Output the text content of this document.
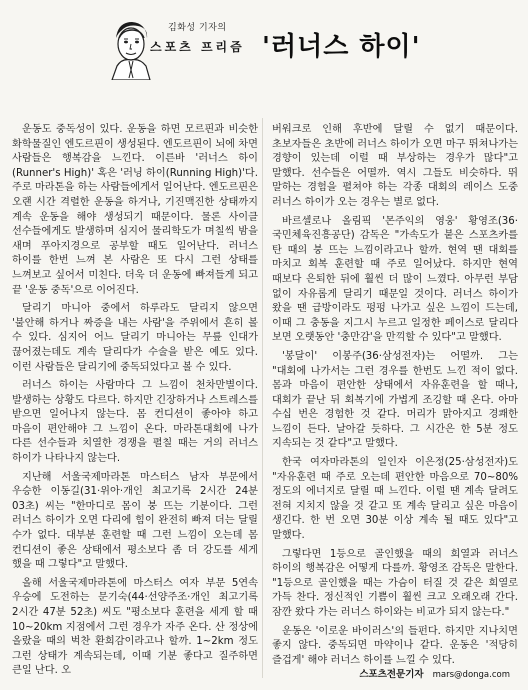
김화성 기자의
스포츠 프리즘 '러너스 하이'

운동도 중독성이 있다. 운동을 하면 모르핀과 비슷한 화학물질인 엔도르핀이 생성된다. 엔도르핀이 뇌에 차면 사람들은 행복감을 느낀다. 이른바 '러너스 하이(Runner's High)' 혹은 '러닝 하이(Running High)'다. 주로 마라톤을 하는 사람들에게서 일어난다. 엔도르핀은 오랜 시간 격렬한 운동을 하거나, 기진맥진한 상태까지 계속 운동을 해야 생성되기 때문이다. 물론 사이클 선수들에게도 발생하며 심지어 물리학도가 며칠씩 밤을 새며 푸아지경으로 공부할 때도 일어난다. 러너스 하이를 한번 느껴 본 사람은 또 다시 그런 상태를 느껴보고 싶어서 미친다. 더욱 더 운동에 빠져들게 되고 끝 '운동 중독'으로 이어진다.

달리기 마니아 중에서 하루라도 달리지 않으면 '불안해 하거나 짜증을 내는 사람'을 주위에서 흔히 볼 수 있다. 심지어 어느 달리기 마니아는 무릎 인대가 끊어졌는데도 계속 달리다가 수술을 받은 예도 있다. 이런 사람들은 달리기에 중독되었다고 볼 수 있다.

러너스 하이는 사람마다 그 느낌이 천차만별이다. 발생하는 상황도 다르다. 하지만 긴장하거나 스트레스를 받으면 일어나지 않는다. 몸 컨디션이 좋아야 하고 마음이 편안해야 그 느낌이 온다. 마라톤대회에 나가 다른 선수들과 치열한 경쟁을 펼칠 때는 거의 러너스 하이가 나타나지 않는다.

지난해 서울국제마라톤 마스터스 남자 부문에서 우승한 이동길(31·위아·개인 최고기록 2시간 24분 03초) 씨는 "한마디로 몸이 붕 뜨는 기분이다. 그런 러너스 하이가 오면 다리에 힘이 완전히 빠져 더는 달릴 수가 없다. 대부분 훈련할 때 그런 느낌이 오는데 몸 컨디션이 좋은 상태에서 평소보다 좀 더 강도를 세게 했을 때 그렇다"고 말했다.

올해 서울국제마라톤에 마스터스 여자 부문 5연속 우승에 도전하는 문기숙(44·선양주조·개인 최고기록 2시간 47분 52초) 씨도 "평소보다 훈련을 세게 할 때 10~20km 지점에서 그런 경우가 자주 온다. 산 정상에 올랐을 때의 벅찬 환희감이라고나 할까. 1~2km 정도 그런 상태가 계속되는데, 이때 기분 좋다고 질주하면 큰일 난다. 오

버워크로 인해 후반에 달릴 수 없기 때문이다. 초보자들은 초반에 러너스 하이가 오면 마구 뛰쳐나가는 경향이 있는데 이럴 때 부상하는 경우가 많다"고 말했다. 선수들은 어떨까. 역시 그들도 비슷하다. 뛰 말하는 경험을 펼쳐야 하는 각종 대회의 레이스 도중 러너스 하이가 오는 경우는 별로 없다.

바르셀로나 올림픽 '몬주익의 영웅' 황영조(36·국민체육진흥공단) 감독은 "가속도가 붙은 스포츠카를 탄 때의 붕 뜨는 느낌이라고나 할까. 현역 땐 대회를 마치고 회복 훈련할 때 주로 일어났다. 하지만 현역 때보다 은퇴한 뒤에 훨씬 더 많이 느꼈다. 아무런 부담 없이 자유롭게 달리기 때문일 것이다. 러너스 하이가 왔을 땐 급방이라도 펑펑 나가고 싶은 느낌이 드는데, 이때 그 충동을 지그시 누르고 일정한 페이스로 달리다 보면 오랫동안 '충만감'을 만끽할 수 있다"고 말했다.

'봉달이' 이봉주(36·삼성전자)는 어떨까. 그는 "대회에 나가서는 그런 경우를 한번도 느낀 적이 없다. 몸과 마음이 편안한 상태에서 자유훈련을 할 때나, 대회가 끝난 뒤 회복기에 가볍게 조깅할 때 온다. 아마 수십 번은 경험한 것 같다. 머리가 맑아지고 경쾌한 느낌이 든다. 날아갈 듯하다. 그 시간은 한 5분 정도 지속되는 것 같다"고 말했다.

한국 여자마라톤의 일인자 이은정(25·삼성전자)도 "자유훈련 때 주로 오는데 편안한 마음으로 70~80% 정도의 에너지로 달릴 때 느낀다. 이럴 땐 계속 달려도 전혀 지치지 않을 것 같고 또 계속 달리고 싶은 마음이 생긴다. 한 번 오면 30분 이상 계속 될 때도 있다"고 말했다.

그렇다면 1등으로 골인했을 때의 희열과 러너스 하이의 행복감은 어떻게 다를까. 황영조 감독은 말한다. "1등으로 골인했을 때는 가슴이 터질 것 같은 희열로 가득 찬다. 정신적인 기쁨이 훨씬 크고 오래오래 간다. 잠깐 왔다 가는 러너스 하이와는 비교가 되지 않는다."

운동은 '이로운 바이러스'의 들펀다. 하지만 지나치면 좋지 않다. 중독되면 마약이나 같다. 운동은 '적당히 즐겁게' 해야 러너스 하이를 느낄 수 있다.

스포츠전문기자 mars@donga.com
